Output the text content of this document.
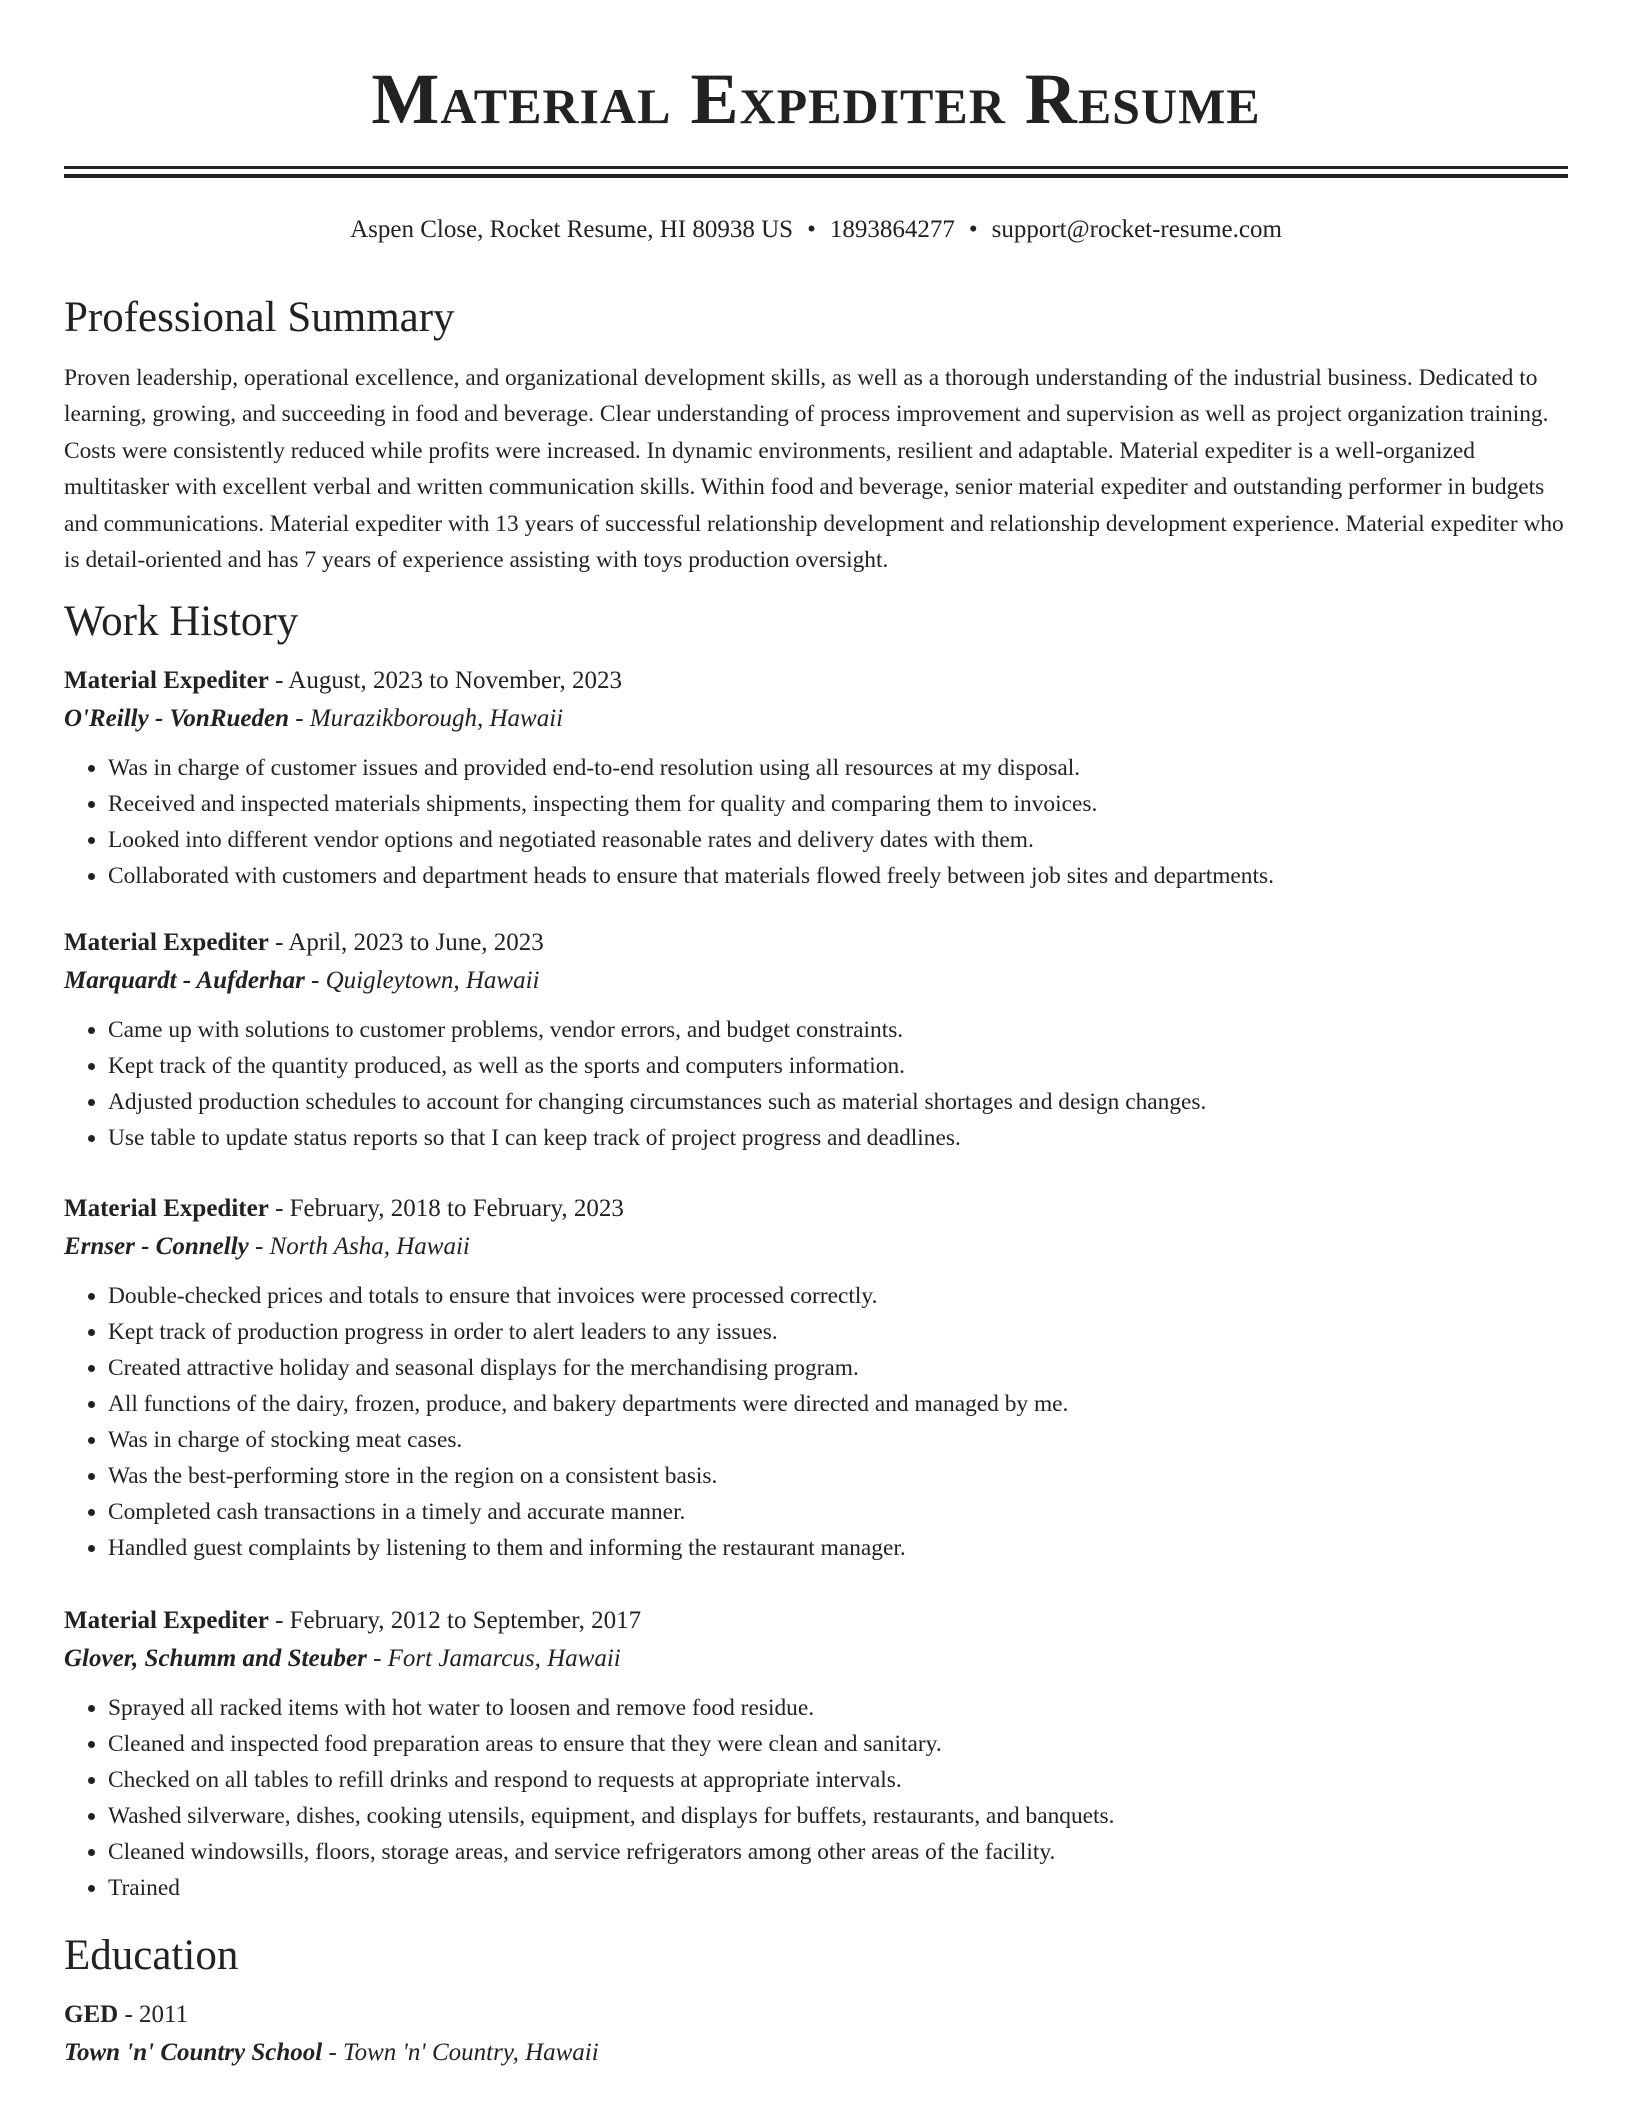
Material Expediter Resume
Aspen Close, Rocket Resume, HI 80938 US • 1893864277 • support@rocket-resume.com
Professional Summary

Proven leadership, operational excellence, and organizational development skills, as well as a thorough understanding of the industrial business. Dedicated to learning, growing, and succeeding in food and beverage. Clear understanding of process improvement and supervision as well as project organization training. Costs were consistently reduced while profits were increased. In dynamic environments, resilient and adaptable. Material expediter is a well-organized multitasker with excellent verbal and written communication skills. Within food and beverage, senior material expediter and outstanding performer in budgets and communications. Material expediter with 13 years of successful relationship development and relationship development experience. Material expediter who is detail-oriented and has 7 years of experience assisting with toys production oversight.

Work History
Material Expediter - August, 2023 to November, 2023
O'Reilly - VonRueden - Murazikborough, Hawaii
• Was in charge of customer issues and provided end-to-end resolution using all resources at my disposal.
• Received and inspected materials shipments, inspecting them for quality and comparing them to invoices.
• Looked into different vendor options and negotiated reasonable rates and delivery dates with them.
• Collaborated with customers and department heads to ensure that materials flowed freely between job sites and departments.
Material Expediter - April, 2023 to June, 2023
Marquardt - Aufderhar - Quigleytown, Hawaii
• Came up with solutions to customer problems, vendor errors, and budget constraints.
• Kept track of the quantity produced, as well as the sports and computers information.
• Adjusted production schedules to account for changing circumstances such as material shortages and design changes.
• Use table to update status reports so that I can keep track of project progress and deadlines.
Material Expediter - February, 2018 to February, 2023
Ernser - Connelly - North Asha, Hawaii
• Double-checked prices and totals to ensure that invoices were processed correctly.
• Kept track of production progress in order to alert leaders to any issues.
• Created attractive holiday and seasonal displays for the merchandising program.
• All functions of the dairy, frozen, produce, and bakery departments were directed and managed by me.
• Was in charge of stocking meat cases.
• Was the best-performing store in the region on a consistent basis.
• Completed cash transactions in a timely and accurate manner.
• Handled guest complaints by listening to them and informing the restaurant manager.
Material Expediter - February, 2012 to September, 2017
Glover, Schumm and Steuber - Fort Jamarcus, Hawaii
• Sprayed all racked items with hot water to loosen and remove food residue.
• Cleaned and inspected food preparation areas to ensure that they were clean and sanitary.
• Checked on all tables to refill drinks and respond to requests at appropriate intervals.
• Washed silverware, dishes, cooking utensils, equipment, and displays for buffets, restaurants, and banquets.
• Cleaned windowsills, floors, storage areas, and service refrigerators among other areas of the facility.
• Trained
Education
GED - 2011
Town 'n' Country School - Town 'n' Country, Hawaii
